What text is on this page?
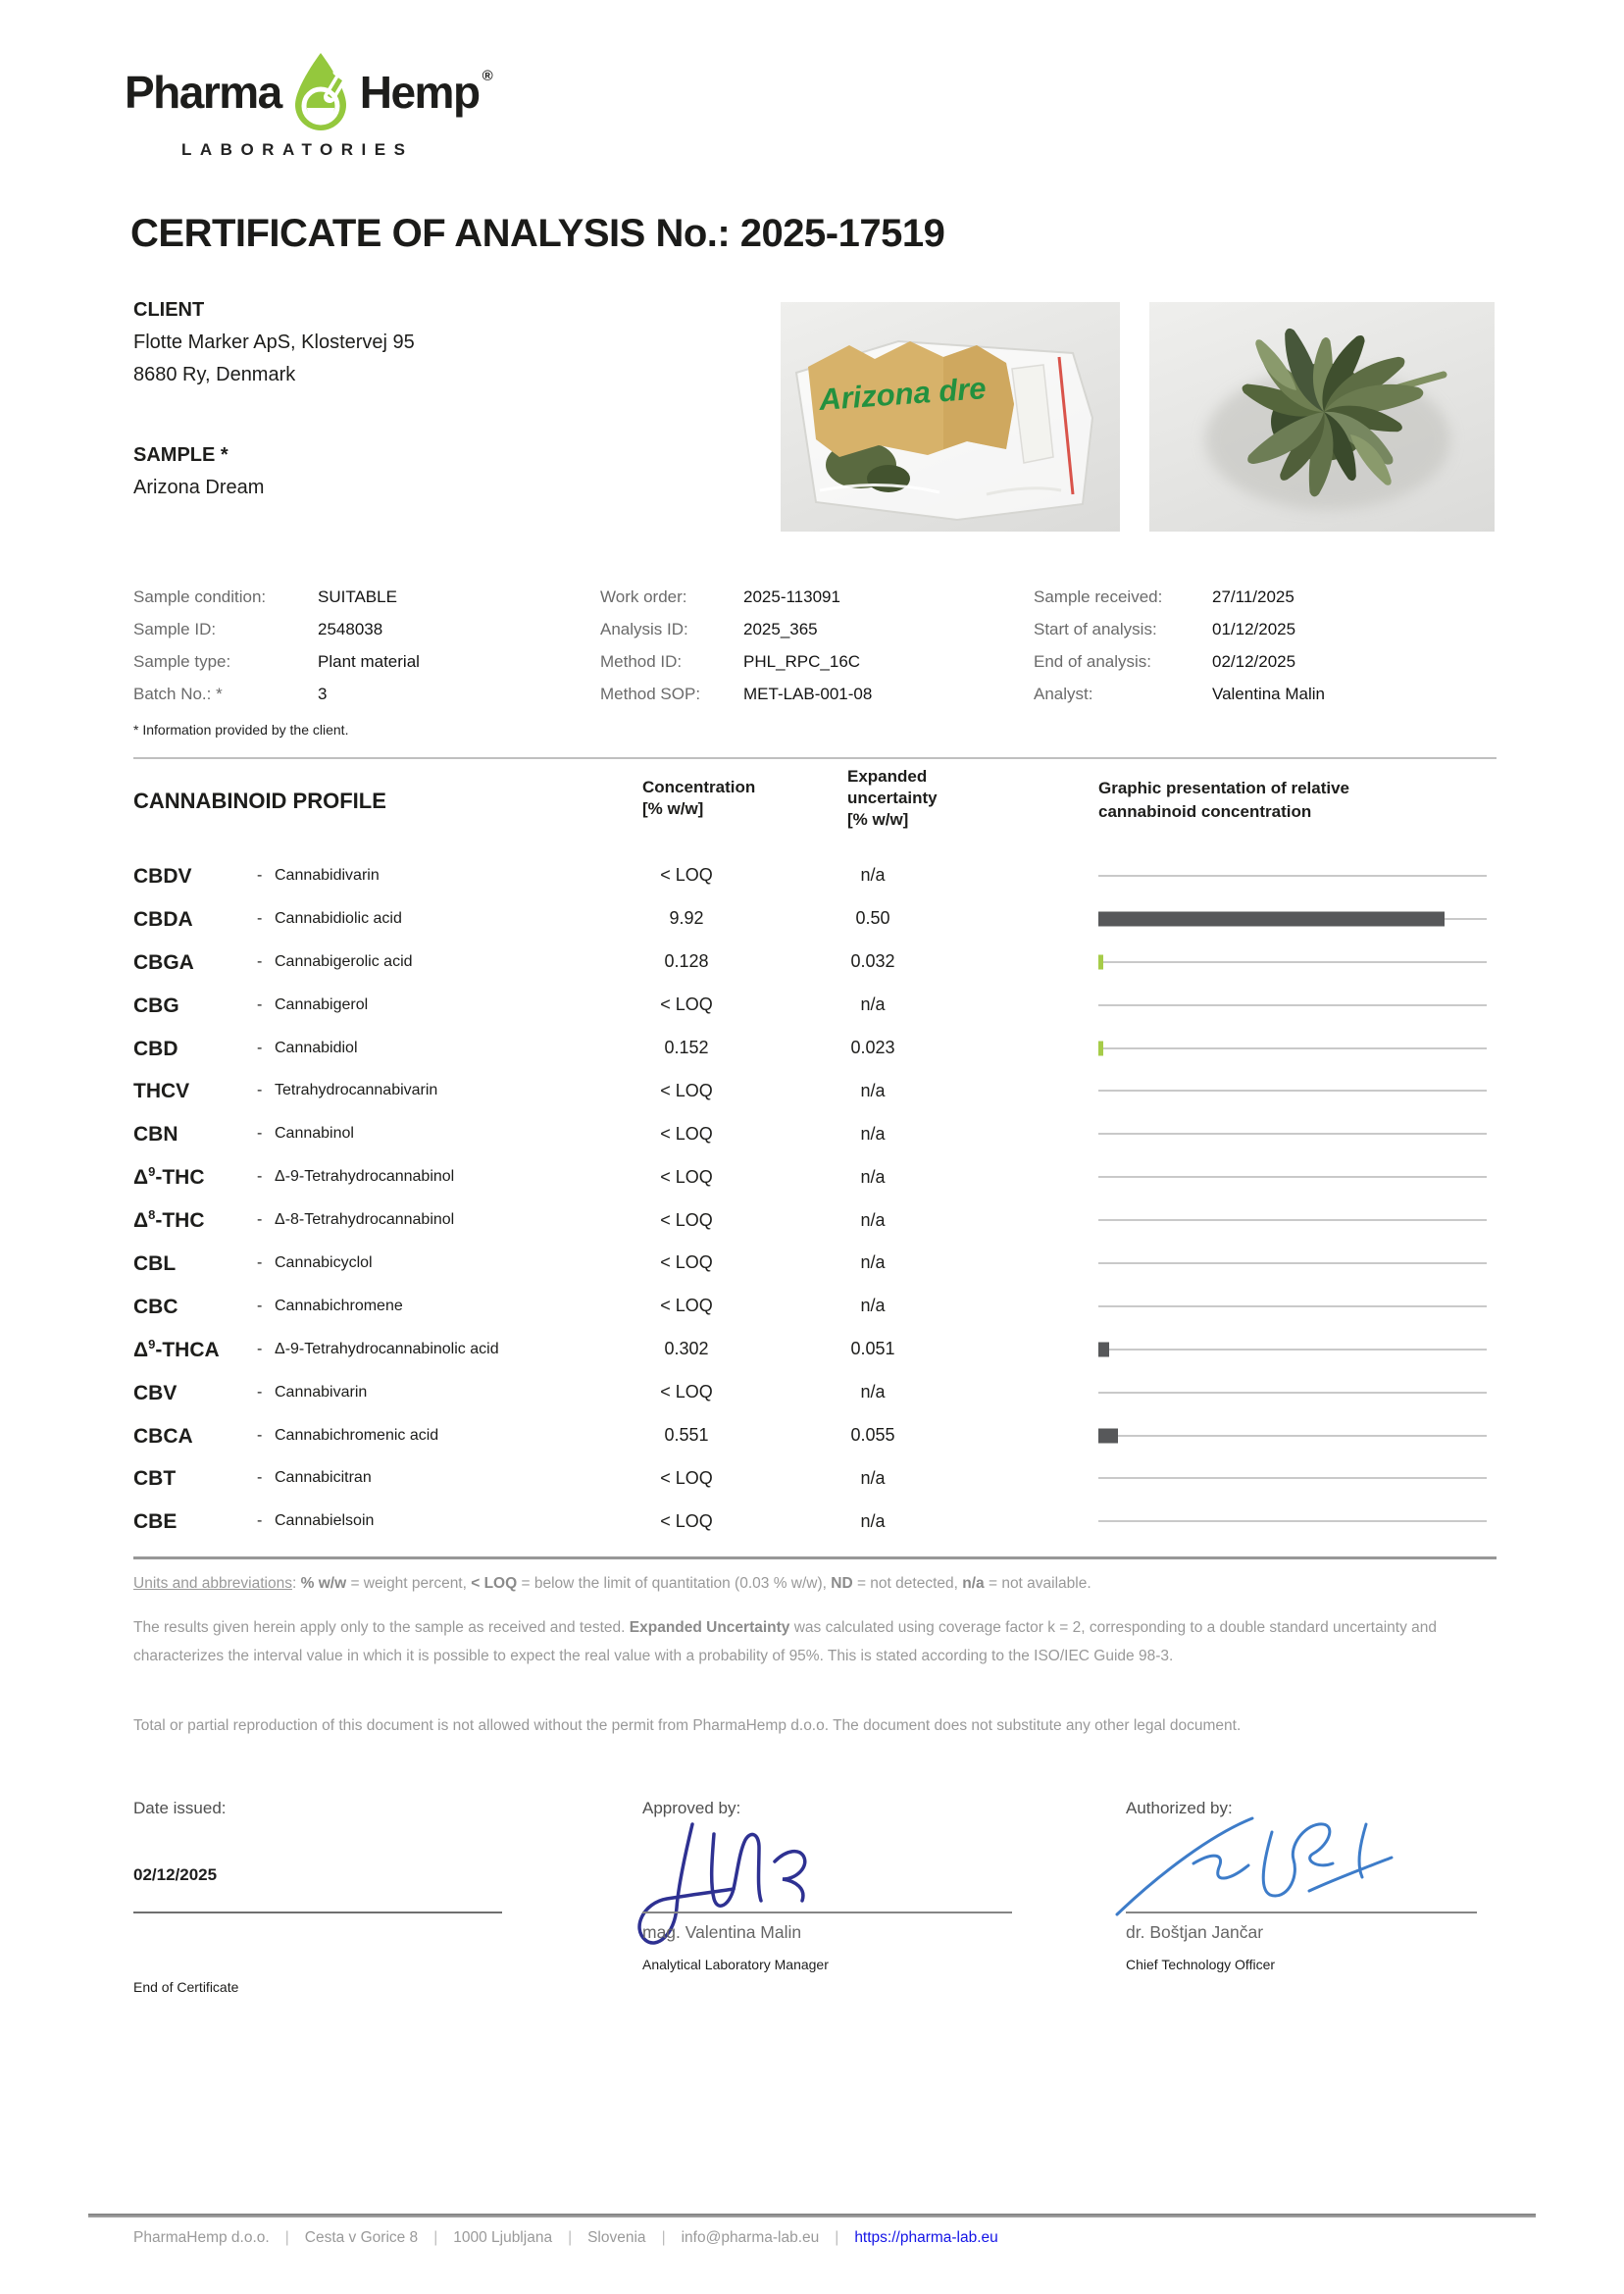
Pharma Hemp ®
LABORATORIES
CERTIFICATE OF ANALYSIS No.: 2025-17519
CLIENT
Flotte Marker ApS, Klostervej 95
8680 Ry, Denmark
SAMPLE *
Arizona Dream
Arizona dre
Sample condition:	SUITABLE
Sample ID:	2548038
Sample type:	Plant material
Batch No.: *	3
Work order:	2025-113091
Analysis ID:	2025_365
Method ID:	PHL_RPC_16C
Method SOP:	MET-LAB-001-08
Sample received:	27/11/2025
Start of analysis:	01/12/2025
End of analysis:	02/12/2025
Analyst:	Valentina Malin
* Information provided by the client.
CANNABINOID PROFILE
Concentration
[% w/w]
Expanded
uncertainty
[% w/w]
Graphic presentation of relative cannabinoid concentration
CBDV	- Cannabidivarin	< LOQ	n/a
CBDA	- Cannabidiolic acid	9.92	0.50
CBGA	- Cannabigerolic acid	0.128	0.032
CBG	- Cannabigerol	< LOQ	n/a
CBD	- Cannabidiol	0.152	0.023
THCV	- Tetrahydrocannabivarin	< LOQ	n/a
CBN	- Cannabinol	< LOQ	n/a
$\Delta^9$-THC	- Δ-9-Tetrahydrocannabinol	< LOQ	n/a
$\Delta^8$-THC	- Δ-8-Tetrahydrocannabinol	< LOQ	n/a
CBL	- Cannabicyclol	< LOQ	n/a
CBC	- Cannabichromene	< LOQ	n/a
$\Delta^9$-THCA	- Δ-9-Tetrahydrocannabinolic acid	0.302	0.051
CBV	- Cannabivarin	< LOQ	n/a
CBCA	- Cannabichromenic acid	0.551	0.055
CBT	- Cannabicitran	< LOQ	n/a
CBE	- Cannabielsoin	< LOQ	n/a
Units and abbreviations: % w/w = weight percent, < LOQ = below the limit of quantitation (0.03 % w/w), ND = not detected, n/a = not available.
The results given herein apply only to the sample as received and tested. Expanded Uncertainty was calculated using coverage factor k = 2, corresponding to a double standard uncertainty and characterizes the interval value in which it is possible to expect the real value with a probability of 95%. This is stated according to the ISO/IEC Guide 98-3.
Total or partial reproduction of this document is not allowed without the permit from PharmaHemp d.o.o. The document does not substitute any other legal document.
Date issued:
02/12/2025
End of Certificate
Approved by:
mag. Valentina Malin
Analytical Laboratory Manager
Authorized by:
dr. Boštjan Jančar
Chief Technology Officer
PharmaHemp d.o.o. | Cesta v Gorice 8 | 1000 Ljubljana | Slovenia | info@pharma-lab.eu | https://pharma-lab.eu
